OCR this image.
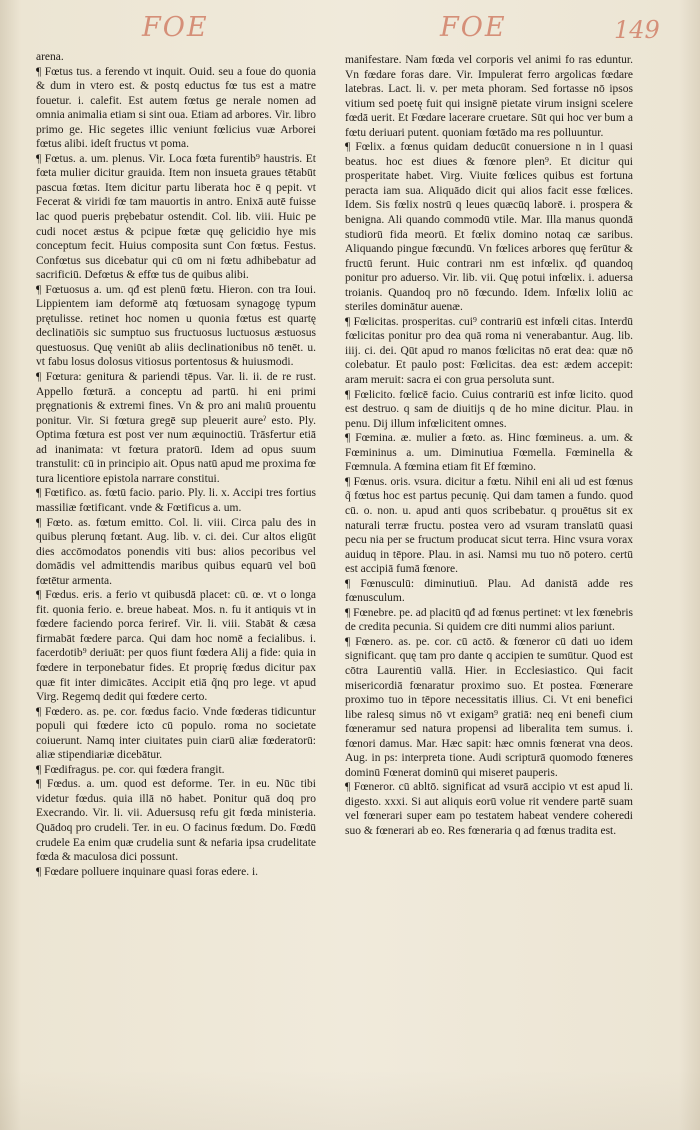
FOE	FOE	149

arena.

¶ Fœtus tus. a ferendo vt inquit. Ouid. seu a foue do quonia & dum in vtero est. & postq eductus fœ tus est a matre fouetur. i. calefit. Est autem fœtus ge nerale nomen ad omnia animalia etiam si sint oua. Etiam ad arbores. Vir. libro primo ge. Hic segetes illic veniunt fœlicius vuæ Arborei fœtus alibi. ideſt fructus vt poma.

¶ Fœtus. a. um. plenus. Vir. Loca fœta furentib⁹ haustris. Et fœta mulier dicitur grauida. Item non insueta graues tētabūt pascua fœtas. Item dicitur partu liberata hoc ē q pepit. vt Fecerat & viridi fœ tam mauortis in antro. Enixā autē fuisse lac quod pueris prębebatur ostendit. Col. lib. viii. Huic pe cudi nocet æstus & pcipue fœtæ quę gelicidio hye mis conceptum fecit. Huius composita sunt Con fœtus. Festus. Confœtus sus dicebatur qui cū om ni fœtu adhibebatur ad sacrificiū. Defœtus & effœ tus de quibus alibi.

¶ Fœtuosus a. um. qđ est plenū fœtu. Hieron. con tra Ioui. Lippientem iam deformē atq fœtuosam synagogę typum prętulisse. retinet hoc nomen u quonia fœtus est quartę declinatiōis sic sumptuo sus fructuosus luctuosus æstuosus questuosus. Quę veniūt ab aliis declinationibus nō tenēt. u. vt fabu losus dolosus vitiosus portentosus & huiusmodi.

¶ Fœtura: genitura & pariendi tēpus. Var. li. ii. de re rust. Appello fœturā. a conceptu ad partū. hi eni primi pręgnationis & extremi fines. Vn & pro ani malıū prouentu ponitur. Vir. Si fœtura gregē sup pleuerit aureˀ esto. Ply. Optima fœtura est post ver num æquinoctiū. Trāsfertur etiā ad inanimata: vt fœtura pratorū. Idem ad opus suum transtulit: cū in principio ait. Opus natū apud me proxima fœ tura licentiore epistola narrare constitui.

¶ Fœtifico. as. fœtū facio. pario. Ply. li. x. Accipi tres fortius massiliæ fœtificant. vnde & Fœtificus a. um.

¶ Fœto. as. fœtum emitto. Col. li. viii. Circa palu des in quibus plerunq fœtant. Aug. lib. v. ci. dei. Cur altos eligūt dies accōmodatos ponendis viti bus: alios pecoribus vel domādis vel admittendis maribus quibus equarū vel boū fœtētur armenta.

¶ Fœdus. eris. a ferio vt quibusdā placet: cū. œ. vt o longa fit. quonia ferio. e. breue habeat. Mos. n. fu it antiquis vt in fœdere faciendo porca feriref. Vir. li. viii. Stabāt & cæsa firmabāt fœdere parca. Qui dam hoc nomē a fecialibus. i. facerdotib⁹ deriuāt: per quos fiunt fœdera Alij a fide: quia in fœdere in terponebatur fides. Et proprię fœdus dicitur pax quæ fit inter dimicātes. Accipit etiā q̃nq pro lege. vt apud Virg. Regemq dedit qui fœdere certo.

¶ Fœdero. as. pe. cor. fœdus facio. Vnde fœderas tidicuntur populi qui fœdere icto cū populo. roma no societate coiuerunt. Namq inter ciuitates puin ciarū aliæ fœderatorū: aliæ stipendiariæ dicebātur.

¶ Fœdifragus. pe. cor. qui fœdera frangit.

¶ Fœdus. a. um. quod est deforme. Ter. in eu. Nūc tibi videtur fœdus. quia illā nō habet. Ponitur quā doq pro Execrando. Vir. li. vii. Aduersusq refu git fœda ministeria. Quādoq pro crudeli. Ter. in eu. O facinus fœdum. Do. Fœdū crudele Ea enim quæ crudelia sunt & nefaria ipsa crudelitate fœda & maculosa dici possunt.

¶ Fœdare polluere inquinare quasi foras edere. i.

manifestare. Nam fœda vel corporis vel animi fo ras eduntur. Vn fœdare foras dare. Vir. Impulerat ferro argolicas fœdare latebras. Lact. li. v. per meta phoram. Sed fortasse nō ipsos vitium sed poetę fuit qui insignē pietate virum insigni scelere fœdā uerit. Et Fœdare lacerare cruetare. Sūt qui hoc ver bum a fœtu deriuari putent. quoniam fœtādo ma res polluuntur.

¶ Fœlix. a fœnus quidam deducūt conuersione n in l quasi beatus. hoc est diues & fœnore plen⁹. Et dicitur qui prosperitate habet. Virg. Viuite fœlices quibus est fortuna peracta iam sua. Aliquādo dicit qui alios facit esse fœlices. Idem. Sis fœlix nostrū q leues quæcūq laborē. i. prospera & benigna. Ali quando commodū vtile. Mar. Illa manus quondā studiorū fida meorū. Et fœlix domino notaq cæ saribus. Aliquando pingue fœcundū. Vn fœlices arbores quę ferūtur & fructū ferunt. Huic contrari nm est infœlix. qđ quandoq ponitur pro aduerso. Vir. lib. vii. Quę potui infœlix. i. aduersa troianis. Quandoq pro nō fœcundo. Idem. Infœlix loliū ac steriles dominātur auenæ.

¶ Fœlicitas. prosperitas. cui⁹ contrariū est infœli citas. Interdū fœlicitas ponitur pro dea quā roma ni venerabantur. Aug. lib. iiij. ci. dei. Qūt apud ro manos fœlicitas nō erat dea: quæ nō colebatur. Et paulo post: Fœlicitas. dea est: ædem accepit: aram meruit: sacra ei con grua persoluta sunt.

¶ Fœlicito. fœlicē facio. Cuius contrariū est infœ licito. quod est destruo. q sam de diuitijs q de ho mine dicitur. Plau. in penu. Dij illum infœlicitent omnes.

¶ Fœmina. æ. mulier a fœto. as. Hinc fœmineus. a. um. & Fœmininus a. um. Diminutiua Fœmella. Fœminella & Fœmnula. A fœmina etiam fit Ef fœmino.

¶ Fœnus. oris. vsura. dicitur a fœtu. Nihil eni ali ud est fœnus q̃ fœtus hoc est partus pecunię. Qui dam tamen a fundo. quod cū. o. non. u. apud anti quos scribebatur. q prouētus sit ex naturali terræ fructu. postea vero ad vsuram translatū quasi pecu nia per se fructum producat sicut terra. Hinc vsura vorax auiduq in tēpore. Plau. in asi. Namsi mu tuo nō potero. certū est accipiā fumā fœnore.

¶ Fœnusculū: diminutiuū. Plau. Ad danistā adde res fœnusculum.

¶ Fœnebre. pe. ad placitū qđ ad fœnus pertinet: vt lex fœnebris de credita pecunia. Si quidem cre diti nummi alios pariunt.

¶ Fœnero. as. pe. cor. cū actō. & fœneror cū dati uo idem significant. quę tam pro dante q accipien te sumūtur. Quod est cōtra Laurentiū vallā. Hier. in Ecclesiastico. Qui facit misericordiā fœnaratur proximo suo. Et postea. Fœnerare proximo tuo in tēpore necessitatis illius. Ci. Vt eni benefici libe ralesq simus nō vt exigam⁹ gratiā: neq eni benefi cium fœneramur sed natura propensi ad liberalita tem sumus. i. fœnori damus. Mar. Hæc sapit: hæc omnis fœnerat vna deos. Aug. in ps: interpreta tione. Audi scripturā quomodo fœneres dominū Fœnerat dominū qui miseret pauperis.

¶ Fœneror. cū abltō. significat ad vsurā accipio vt est apud li. digesto. xxxi. Si aut aliquis eorū volue rit vendere partē suam vel fœnerari super eam po testatem habeat vendere coheredi suo & fœnerari ab eo. Res fœneraria q ad fœnus tradita est.
